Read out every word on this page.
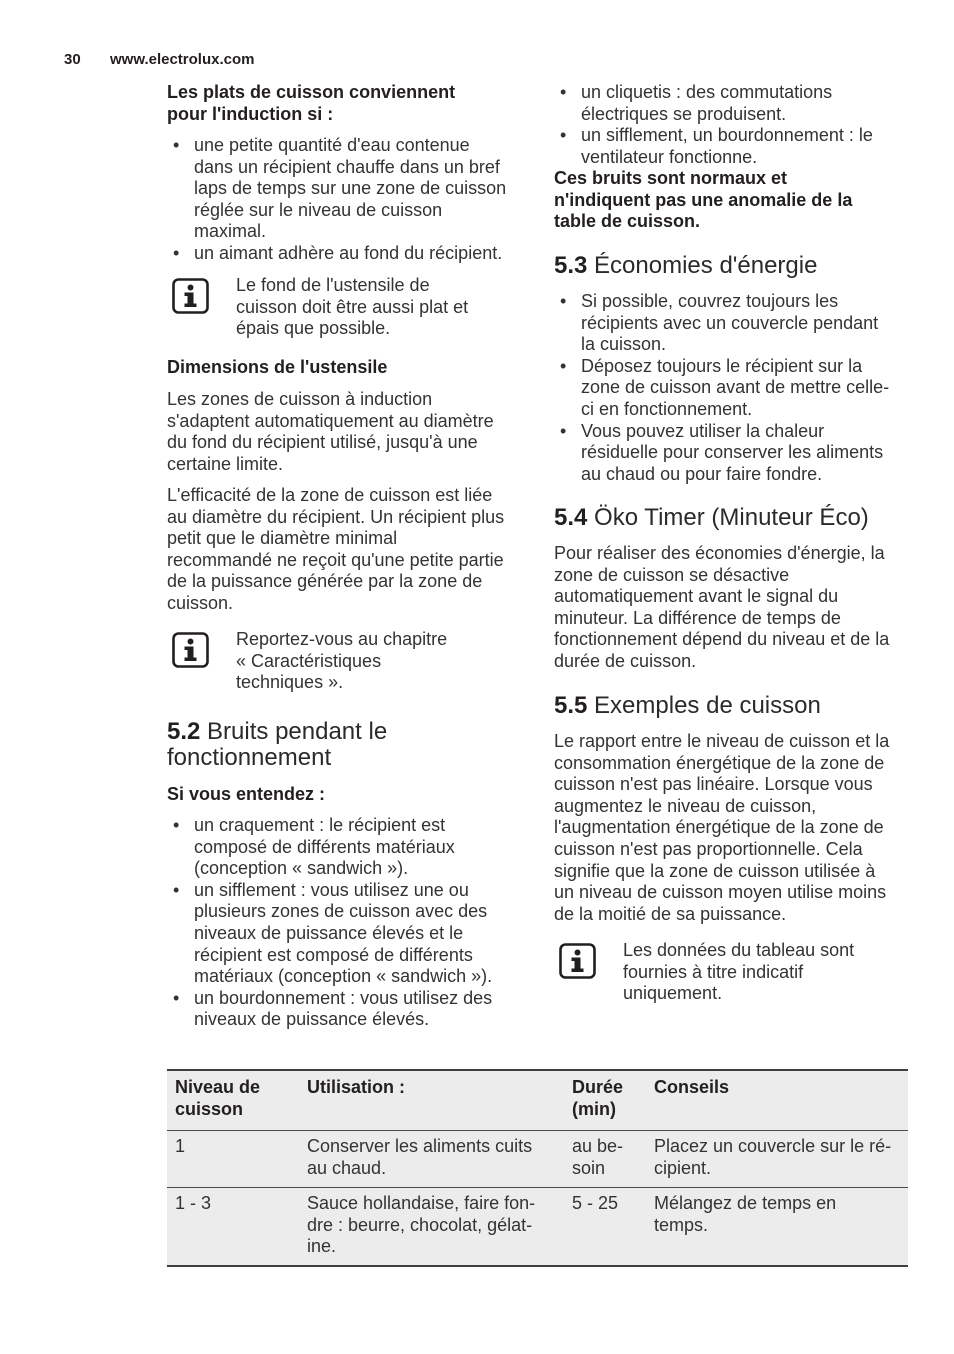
30 www.electrolux.com
Les plats de cuisson conviennent
pour l'induction si :
• une petite quantité d'eau contenue
dans un récipient chauffe dans un bref
laps de temps sur une zone de cuisson
réglée sur le niveau de cuisson
maximal.
• un aimant adhère au fond du récipient.
Le fond de l'ustensile de
cuisson doit être aussi plat et
épais que possible.
Dimensions de l'ustensile
Les zones de cuisson à induction
s'adaptent automatiquement au diamètre
du fond du récipient utilisé, jusqu'à une
certaine limite.
L'efficacité de la zone de cuisson est liée
au diamètre du récipient. Un récipient plus
petit que le diamètre minimal
recommandé ne reçoit qu'une petite partie
de la puissance générée par la zone de
cuisson.
Reportez-vous au chapitre
« Caractéristiques
techniques ».
5.2 Bruits pendant le
fonctionnement
Si vous entendez :
• un craquement : le récipient est
composé de différents matériaux
(conception « sandwich »).
• un sifflement : vous utilisez une ou
plusieurs zones de cuisson avec des
niveaux de puissance élevés et le
récipient est composé de différents
matériaux (conception « sandwich »).
• un bourdonnement : vous utilisez des
niveaux de puissance élevés.
• un cliquetis : des commutations
électriques se produisent.
• un sifflement, un bourdonnement : le
ventilateur fonctionne.
Ces bruits sont normaux et
n'indiquent pas une anomalie de la
table de cuisson.
5.3 Économies d'énergie
• Si possible, couvrez toujours les
récipients avec un couvercle pendant
la cuisson.
• Déposez toujours le récipient sur la
zone de cuisson avant de mettre celle-
ci en fonctionnement.
• Vous pouvez utiliser la chaleur
résiduelle pour conserver les aliments
au chaud ou pour faire fondre.
5.4 Öko Timer (Minuteur Éco)
Pour réaliser des économies d'énergie, la
zone de cuisson se désactive
automatiquement avant le signal du
minuteur. La différence de temps de
fonctionnement dépend du niveau et de la
durée de cuisson.
5.5 Exemples de cuisson
Le rapport entre le niveau de cuisson et la
consommation énergétique de la zone de
cuisson n'est pas linéaire. Lorsque vous
augmentez le niveau de cuisson,
l'augmentation énergétique de la zone de
cuisson n'est pas proportionnelle. Cela
signifie que la zone de cuisson utilisée à
un niveau de cuisson moyen utilise moins
de la moitié de sa puissance.
Les données du tableau sont
fournies à titre indicatif
uniquement.
Niveau de
cuisson	Utilisation :	Durée
(min)	Conseils
1	Conserver les aliments cuits
au chaud.	au be-
soin	Placez un couvercle sur le ré-
cipient.
1 - 3	Sauce hollandaise, faire fon-
dre : beurre, chocolat, gélat-
ine.	5 - 25	Mélangez de temps en
temps.
